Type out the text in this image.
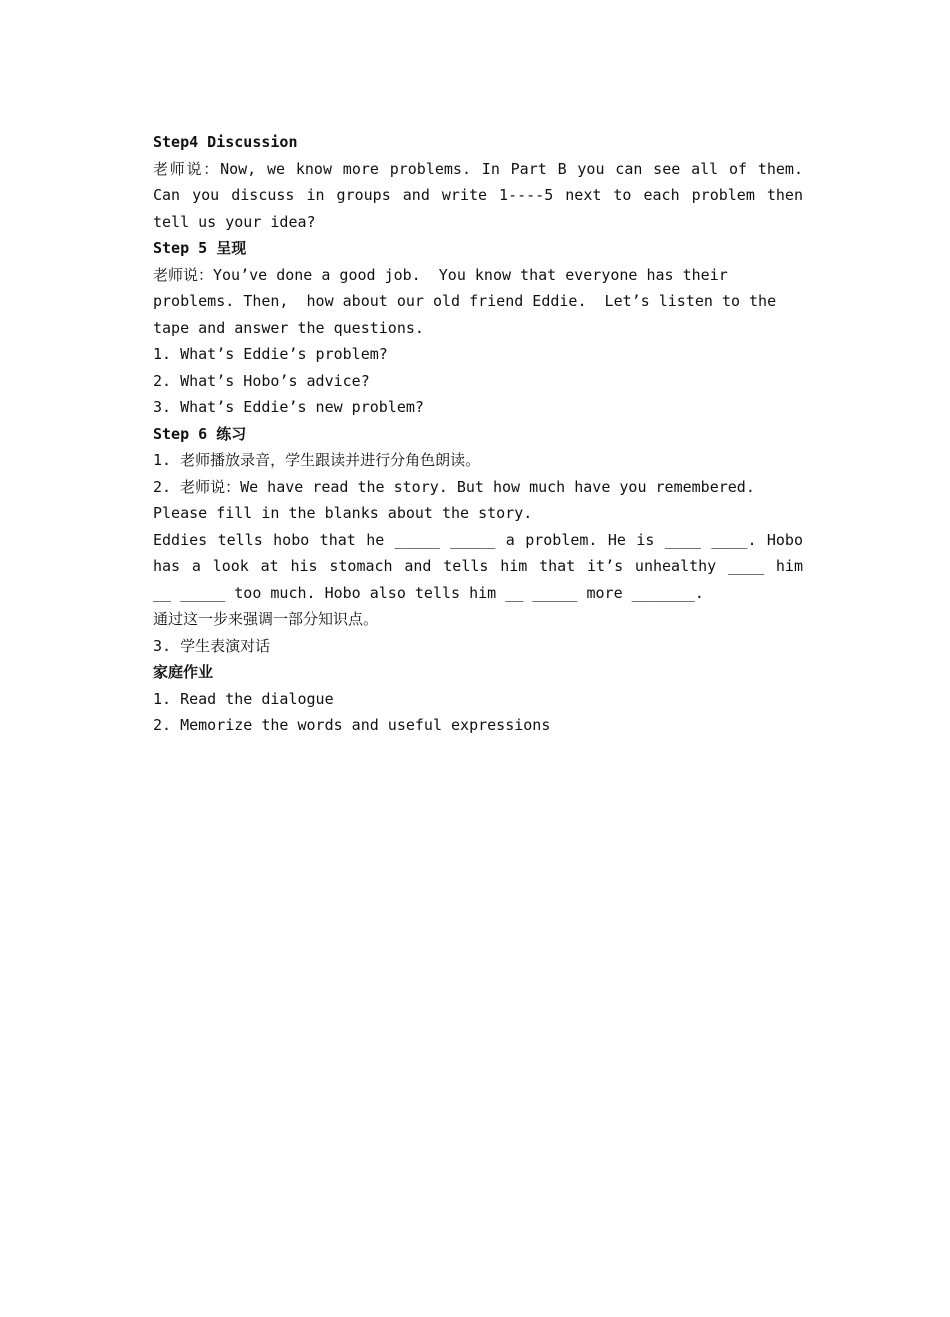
Step4 Discussion
老师说：Now, we know more problems. In Part B you can see all of them.
Can you discuss in groups and write 1----5 next to each problem then
tell us your idea?
Step 5 呈现
老师说：You’ve done a good job.  You know that everyone has their
problems. Then,  how about our old friend Eddie.  Let’s listen to the
tape and answer the questions.
1. What’s Eddie’s problem?
2. What’s Hobo’s advice?
3. What’s Eddie’s new problem?
Step 6 练习
1. 老师播放录音，学生跟读并进行分角色朗读。
2. 老师说：We have read the story. But how much have you remembered.
Please fill in the blanks about the story.
Eddies tells hobo that he _____ _____ a problem. He is ____ ____. Hobo
has a look at his stomach and tells him that it’s unhealthy ____ him
__ _____ too much. Hobo also tells him __ _____ more _______.
通过这一步来强调一部分知识点。
3. 学生表演对话
家庭作业
1. Read the dialogue
2. Memorize the words and useful expressions
